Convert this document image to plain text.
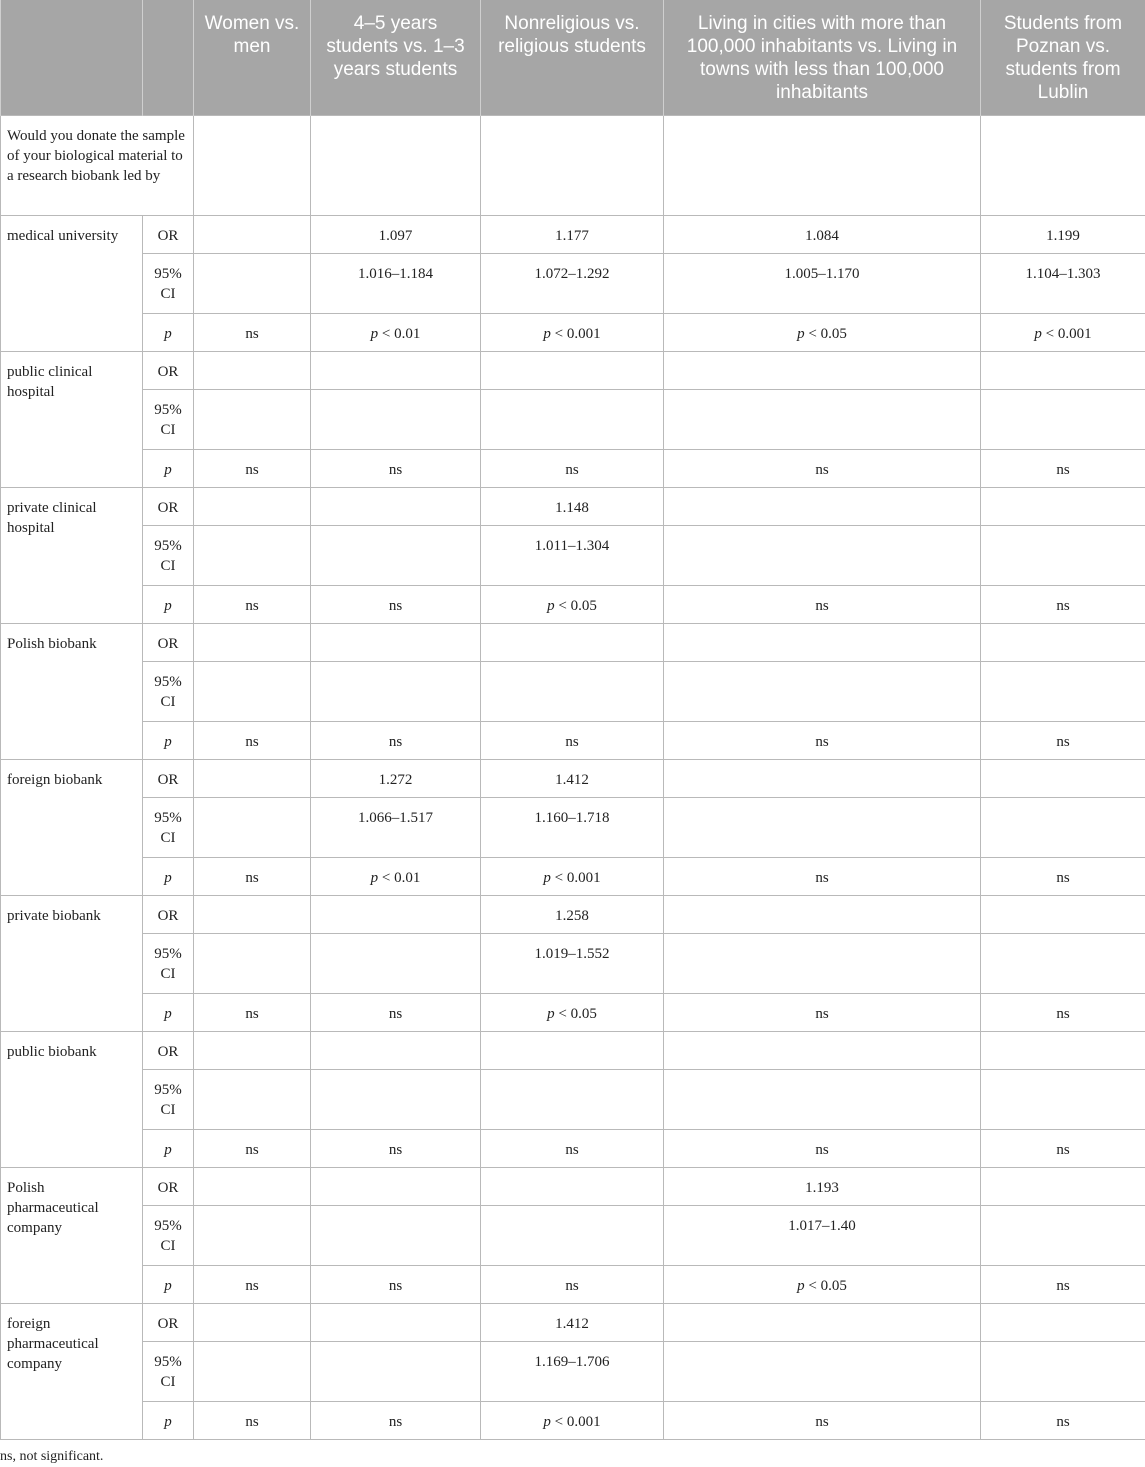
		Women vs. men	4–5 years students vs. 1–3 years students	Nonreligious vs. religious students	Living in cities with more than 100,000 inhabitants vs. Living in towns with less than 100,000 inhabitants	Students from Poznan vs. students from Lublin
Would you donate the sample of your biological material to a research biobank led by						
medical university	OR		1.097	1.177	1.084	1.199
	95% CI		1.016–1.184	1.072–1.292	1.005–1.170	1.104–1.303
	p	ns	p < 0.01	p < 0.001	p < 0.05	p < 0.001
public clinical hospital	OR					
	95% CI					
	p	ns	ns	ns	ns	ns
private clinical hospital	OR			1.148		
	95% CI			1.011–1.304		
	p	ns	ns	p < 0.05	ns	ns
Polish biobank	OR					
	95% CI					
	p	ns	ns	ns	ns	ns
foreign biobank	OR		1.272	1.412		
	95% CI		1.066–1.517	1.160–1.718		
	p	ns	p < 0.01	p < 0.001	ns	ns
private biobank	OR			1.258		
	95% CI			1.019–1.552		
	p	ns	ns	p < 0.05	ns	ns
public biobank	OR					
	95% CI					
	p	ns	ns	ns	ns	ns
Polish pharmaceutical company	OR				1.193	
	95% CI				1.017–1.40	
	p	ns	ns	ns	p < 0.05	ns
foreign pharmaceutical company	OR			1.412		
	95% CI			1.169–1.706		
	p	ns	ns	p < 0.001	ns	ns
ns, not significant.
